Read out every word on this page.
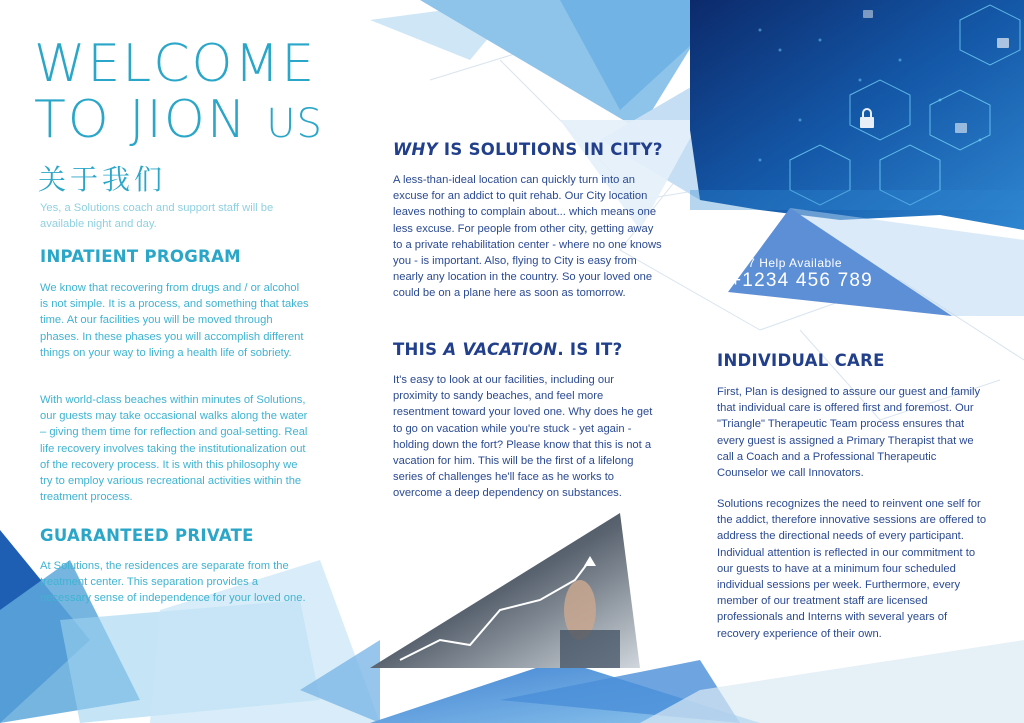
WELCOME
TO JION US
关于我们

Yes, a Solutions coach and support staff will be available night and day.

INPATIENT PROGRAM

We know that recovering from drugs and / or alcohol is not simple. It is a process, and something that takes time. At our facilities you will be moved through phases. In these phases you will accomplish different things on your way to living a health life of sobriety.

With world-class beaches within minutes of Solutions, our guests may take occasional walks along the water – giving them time for reflection and goal-setting. Real life recovery involves taking the institutionalization out of the recovery process. It is with this philosophy we try to employ various recreational activities within the treatment process.

GUARANTEED PRIVATE

At Solutions, the residences are separate from the treatment center. This separation provides a necessary sense of independence for your loved one.

WHY IS SOLUTIONS IN CITY?

A less-than-ideal location can quickly turn into an excuse for an addict to quit rehab. Our City location leaves nothing to complain about... which means one less excuse. For people from other city, getting away to a private rehabilitation center - where no one knows you - is important. Also, flying to City is easy from nearly any location in the country. So your loved one could be on a plane here as soon as tomorrow.

THIS A VACATION. IS IT?

It's easy to look at our facilities, including our proximity to sandy beaches, and feel more resentment toward your loved one. Why does he get to go on vacation while you're stuck - yet again - holding down the fort? Please know that this is not a vacation for him. This will be the first of a lifelong series of challenges he'll face as he works to overcome a deep dependency on substances.

24/7 Help Available
+1234 456 789
INDIVIDUAL CARE

First, Plan is designed to assure our guest and family that individual care is offered first and foremost. Our "Triangle" Therapeutic Team process ensures that every guest is assigned a Primary Therapist that we call a Coach and a Professional Therapeutic Counselor we call Innovators.

Solutions recognizes the need to reinvent one self for the addict, therefore innovative sessions are offered to address the directional needs of every participant. Individual attention is reflected in our commitment to our guests to have at a minimum four scheduled individual sessions per week. Furthermore, every member of our treatment staff are licensed professionals and Interns with several years of recovery experience of their own.
